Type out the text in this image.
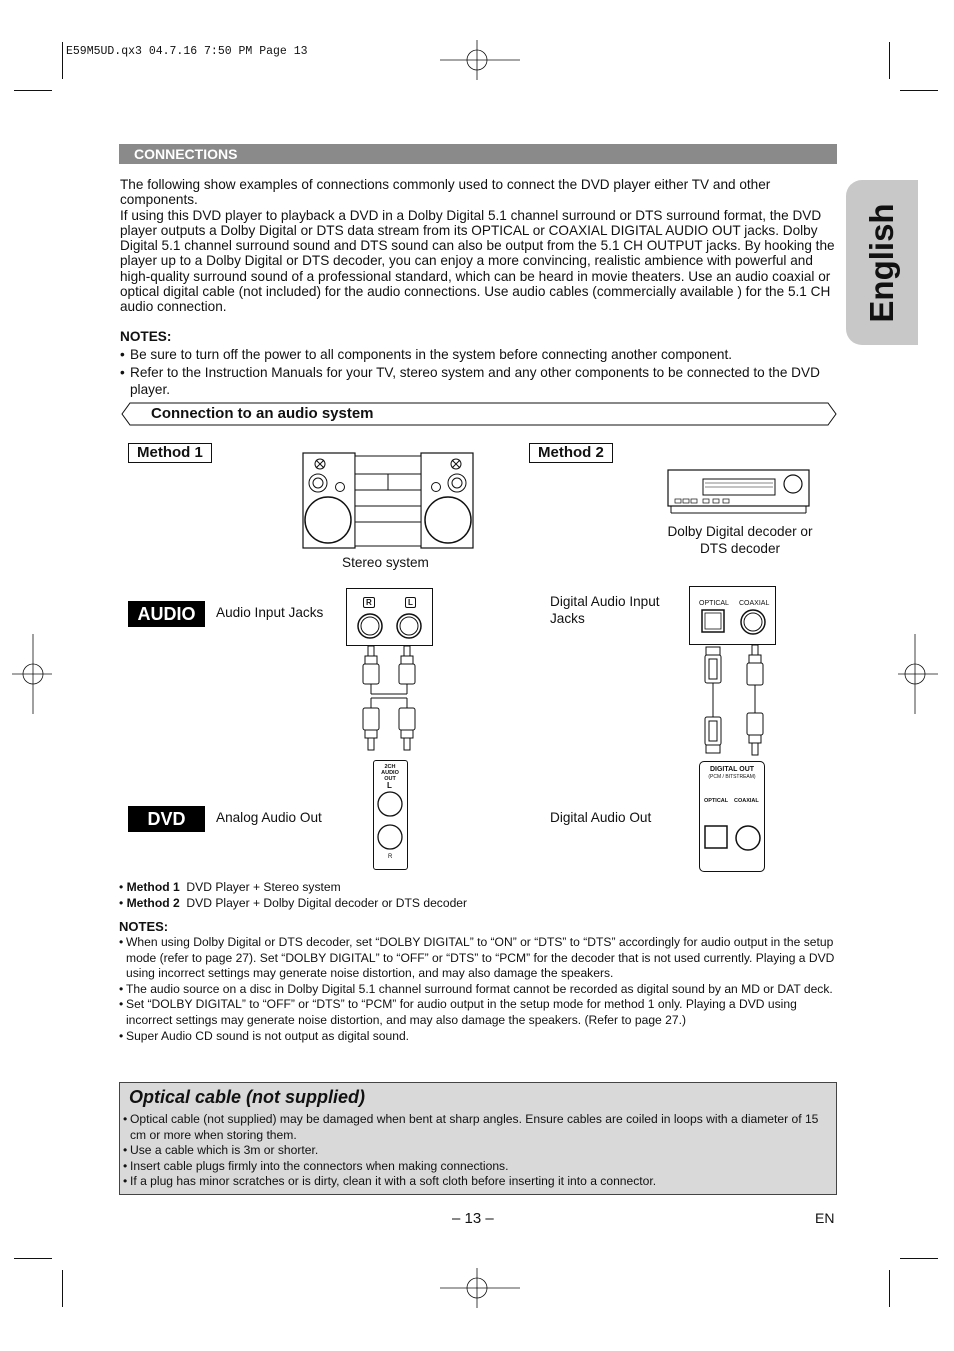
E59M5UD.qx3 04.7.16 7:50 PM Page 13
CONNECTIONS
English
The following show examples of connections commonly used to connect the DVD player either TV and other components.
If using this DVD player to playback a DVD in a Dolby Digital 5.1 channel surround or DTS surround format, the DVD player outputs a Dolby Digital or DTS data stream from its OPTICAL or COAXIAL DIGITAL AUDIO OUT jacks. Dolby Digital 5.1 channel surround sound and DTS sound can also be output from the 5.1 CH OUTPUT jacks. By hooking the player up to a Dolby Digital or DTS decoder, you can enjoy a more convincing, realistic ambience with powerful and high-quality surround sound of a professional standard, which can be heard in movie theaters. Use an audio coaxial or optical digital cable (not included) for the audio connections. Use audio cables (commercially available ) for the 5.1 CH audio connection.
NOTES:
• Be sure to turn off the power to all components in the system before connecting another component.
• Refer to the Instruction Manuals for your TV, stereo system and any other components to be connected to the DVD player.
Connection to an audio system
Method 1	Method 2
Stereo system
Dolby Digital decoder or DTS decoder
AUDIO	Audio Input Jacks
DVD	Analog Audio Out
Digital Audio Input Jacks
Digital Audio Out
R	L
2CH AUDIO OUT
L
R
OPTICAL COAXIAL
DIGITAL OUT
(PCM / BITSTREAM)
OPTICAL COAXIAL
• Method 1 DVD Player + Stereo system
• Method 2 DVD Player + Dolby Digital decoder or DTS decoder
NOTES:
• When using Dolby Digital or DTS decoder, set “DOLBY DIGITAL” to “ON” or “DTS” to “DTS” accordingly for audio output in the setup mode (refer to page 27). Set “DOLBY DIGITAL” to “OFF” or “DTS” to “PCM” for the decoder that is not used currently. Playing a DVD using incorrect settings may generate noise distortion, and may also damage the speakers.
• The audio source on a disc in Dolby Digital 5.1 channel surround format cannot be recorded as digital sound by an MD or DAT deck.
• Set “DOLBY DIGITAL” to “OFF” or “DTS” to “PCM” for audio output in the setup mode for method 1 only. Playing a DVD using incorrect settings may generate noise distortion, and may also damage the speakers. (Refer to page 27.)
• Super Audio CD sound is not output as digital sound.
Optical cable (not supplied)
• Optical cable (not supplied) may be damaged when bent at sharp angles. Ensure cables are coiled in loops with a diameter of 15 cm or more when storing them.
• Use a cable which is 3m or shorter.
• Insert cable plugs firmly into the connectors when making connections.
• If a plug has minor scratches or is dirty, clean it with a soft cloth before inserting it into a connector.
– 13 –	EN
